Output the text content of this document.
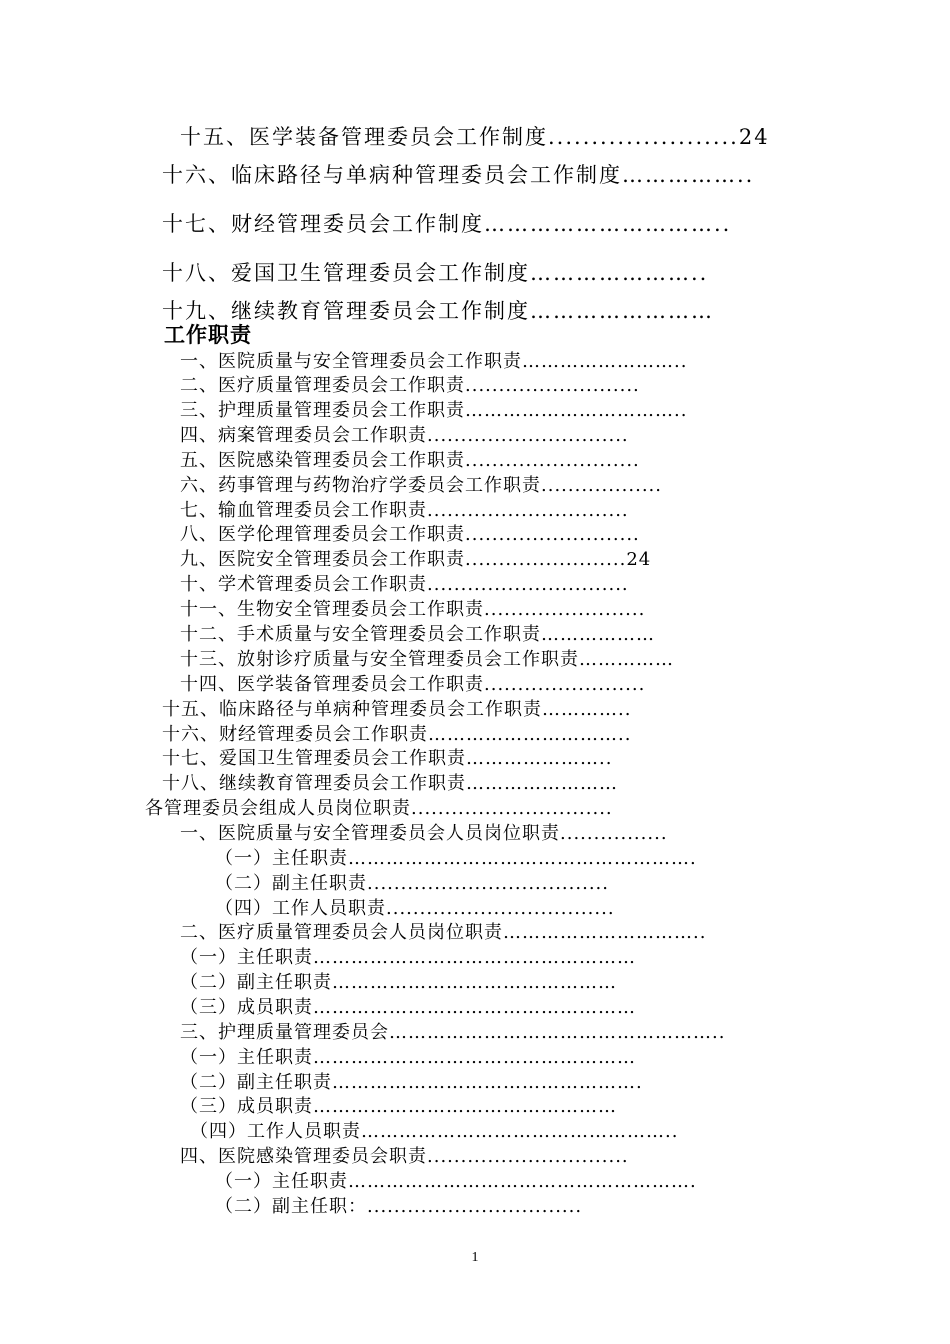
十五、医学装备管理委员会工作制度......................24
十六、临床路径与单病种管理委员会工作制度……………..
十七、财经管理委员会工作制度…………………………..
十八、爱国卫生管理委员会工作制度…………………..
十九、继续教育管理委员会工作制度……………………
工作职责
一、医院质量与安全管理委员会工作职责……………………..
二、医疗质量管理委员会工作职责..........................
三、护理质量管理委员会工作职责……………………………..
四、病案管理委员会工作职责..............................
五、医院感染管理委员会工作职责..........................
六、药事管理与药物治疗学委员会工作职责..................
七、输血管理委员会工作职责..............................
八、医学伦理管理委员会工作职责..........................
九、医院安全管理委员会工作职责........................24
十、学术管理委员会工作职责..............................
十一、生物安全管理委员会工作职责........................
十二、手术质量与安全管理委员会工作职责………………
十三、放射诊疗质量与安全管理委员会工作职责……………
十四、医学装备管理委员会工作职责........................
十五、临床路径与单病种管理委员会工作职责…………..
十六、财经管理委员会工作职责…………………………..
十七、爱国卫生管理委员会工作职责…………………..
十八、继续教育管理委员会工作职责……………………
各管理委员会组成人员岗位职责..............................
一、医院质量与安全管理委员会人员岗位职责................
（一）主任职责……………………………………………….
（二）副主任职责....................................
（四）工作人员职责..................................
二、医疗质量管理委员会人员岗位职责…………………………..
（一）主任职责……………………………………………
（二）副主任职责………………………………………
（三）成员职责……………………………………………
三、护理质量管理委员会……………………………………………..
（一）主任职责……………………………………………
（二）副主任职责………………………………………….
（三）成员职责…………………………………………
（四）工作人员职责…………………………………………..
四、医院感染管理委员会职责..............................
（一）主任职责……………………………………………….
（二）副主任职：................................
1
